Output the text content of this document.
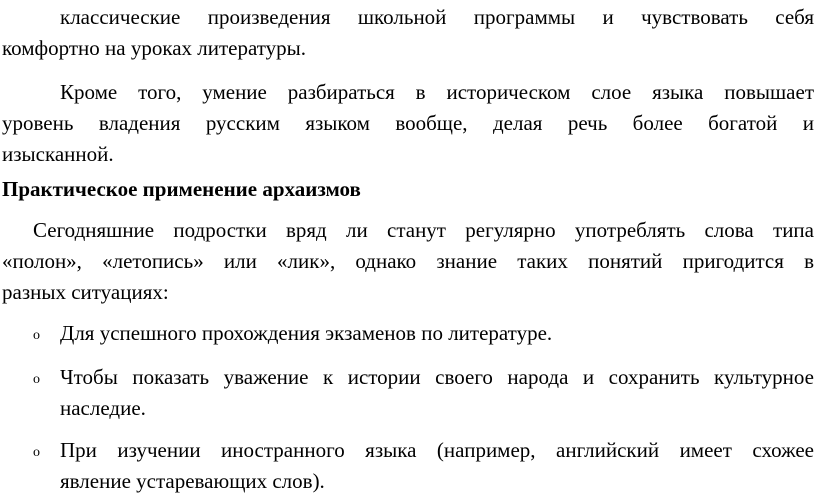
классические произведения школьной программы и чувствовать себя
комфортно на уроках литературы.
Кроме того, умение разбираться в историческом слое языка повышает
уровень владения русским языком вообще, делая речь более богатой и
изысканной.
Практическое применение архаизмов
Сегодняшние подростки вряд ли станут регулярно употреблять слова типа
«полон», «летопись» или «лик», однако знание таких понятий пригодится в
разных ситуациях:
o Для успешного прохождения экзаменов по литературе.
o Чтобы показать уважение к истории своего народа и сохранить культурное
наследие.
o При изучении иностранного языка (например, английский имеет схожее
явление устаревающих слов).
